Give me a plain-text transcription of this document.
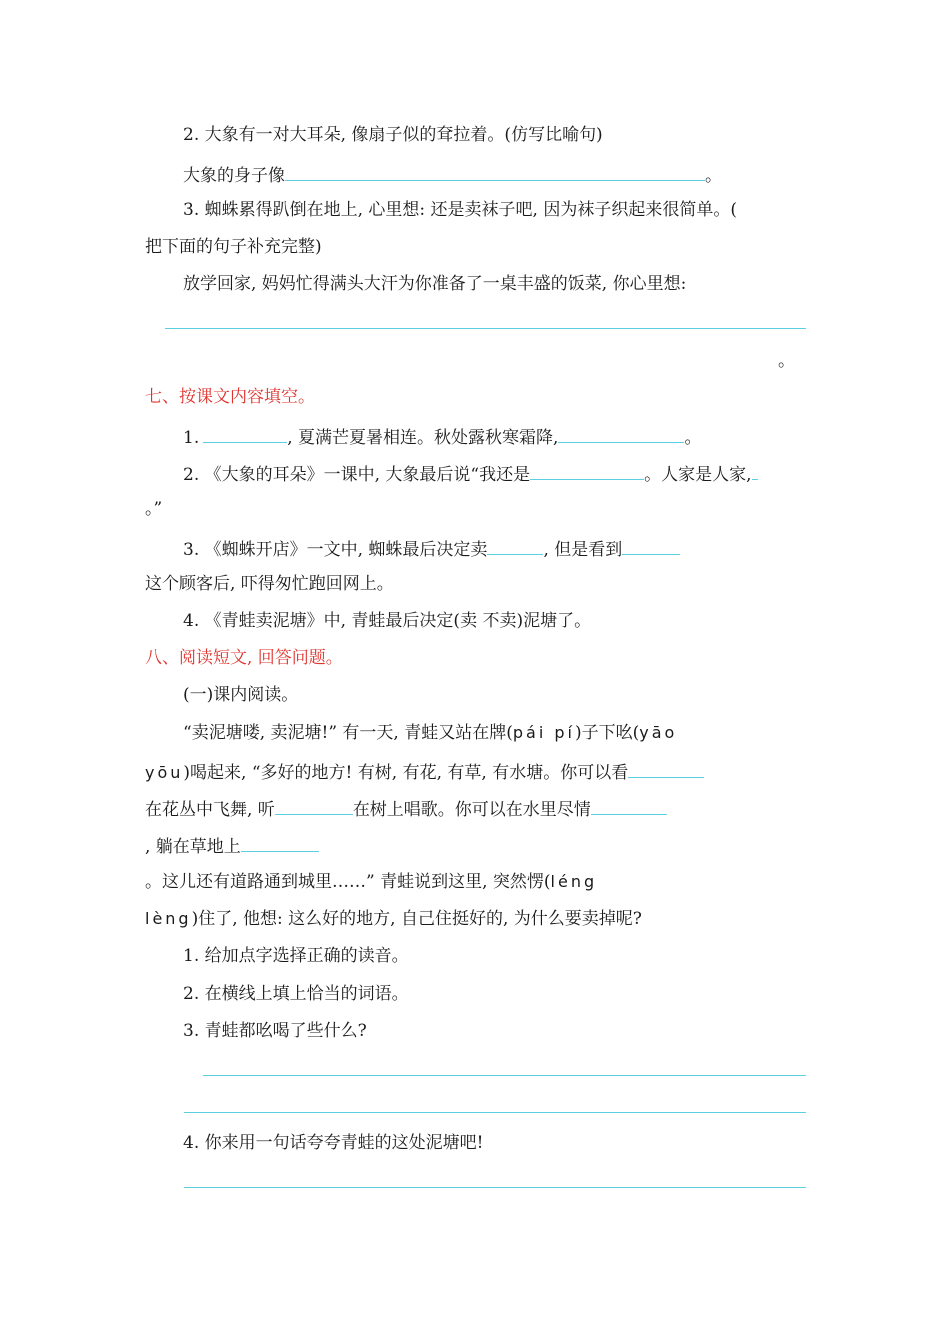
2. 大象有一对大耳朵, 像扇子似的耷拉着。(仿写比喻句)
大象的身子像	。
3. 蜘蛛累得趴倒在地上, 心里想: 还是卖袜子吧, 因为袜子织起来很简单。(
把下面的句子补充完整)
放学回家, 妈妈忙得满头大汗为你准备了一桌丰盛的饭菜, 你心里想:
。
七、按课文内容填空。
1.	, 夏满芒夏暑相连。秋处露秋寒霜降,	。
2. 《大象的耳朵》一课中, 大象最后说“我还是	。人家是人家,
。”
3. 《蜘蛛开店》一文中, 蜘蛛最后决定卖	, 但是看到
这个顾客后, 吓得匆忙跑回网上。
4. 《青蛙卖泥塘》中, 青蛙最后决定(卖 不卖)泥塘了。
八、阅读短文, 回答问题。
(一)课内阅读。
“卖泥塘喽, 卖泥塘!” 有一天, 青蛙又站在牌(pái pí)子下吆(yāo
yōu)喝起来, “多好的地方! 有树, 有花, 有草, 有水塘。你可以看
在花丛中飞舞, 听	在树上唱歌。你可以在水里尽情
, 躺在草地上
。这儿还有道路通到城里……” 青蛙说到这里, 突然愣(léng
lèng)住了, 他想: 这么好的地方, 自己住挺好的, 为什么要卖掉呢?
1. 给加点字选择正确的读音。
2. 在横线上填上恰当的词语。
3. 青蛙都吆喝了些什么?
4. 你来用一句话夸夸青蛙的这处泥塘吧!
